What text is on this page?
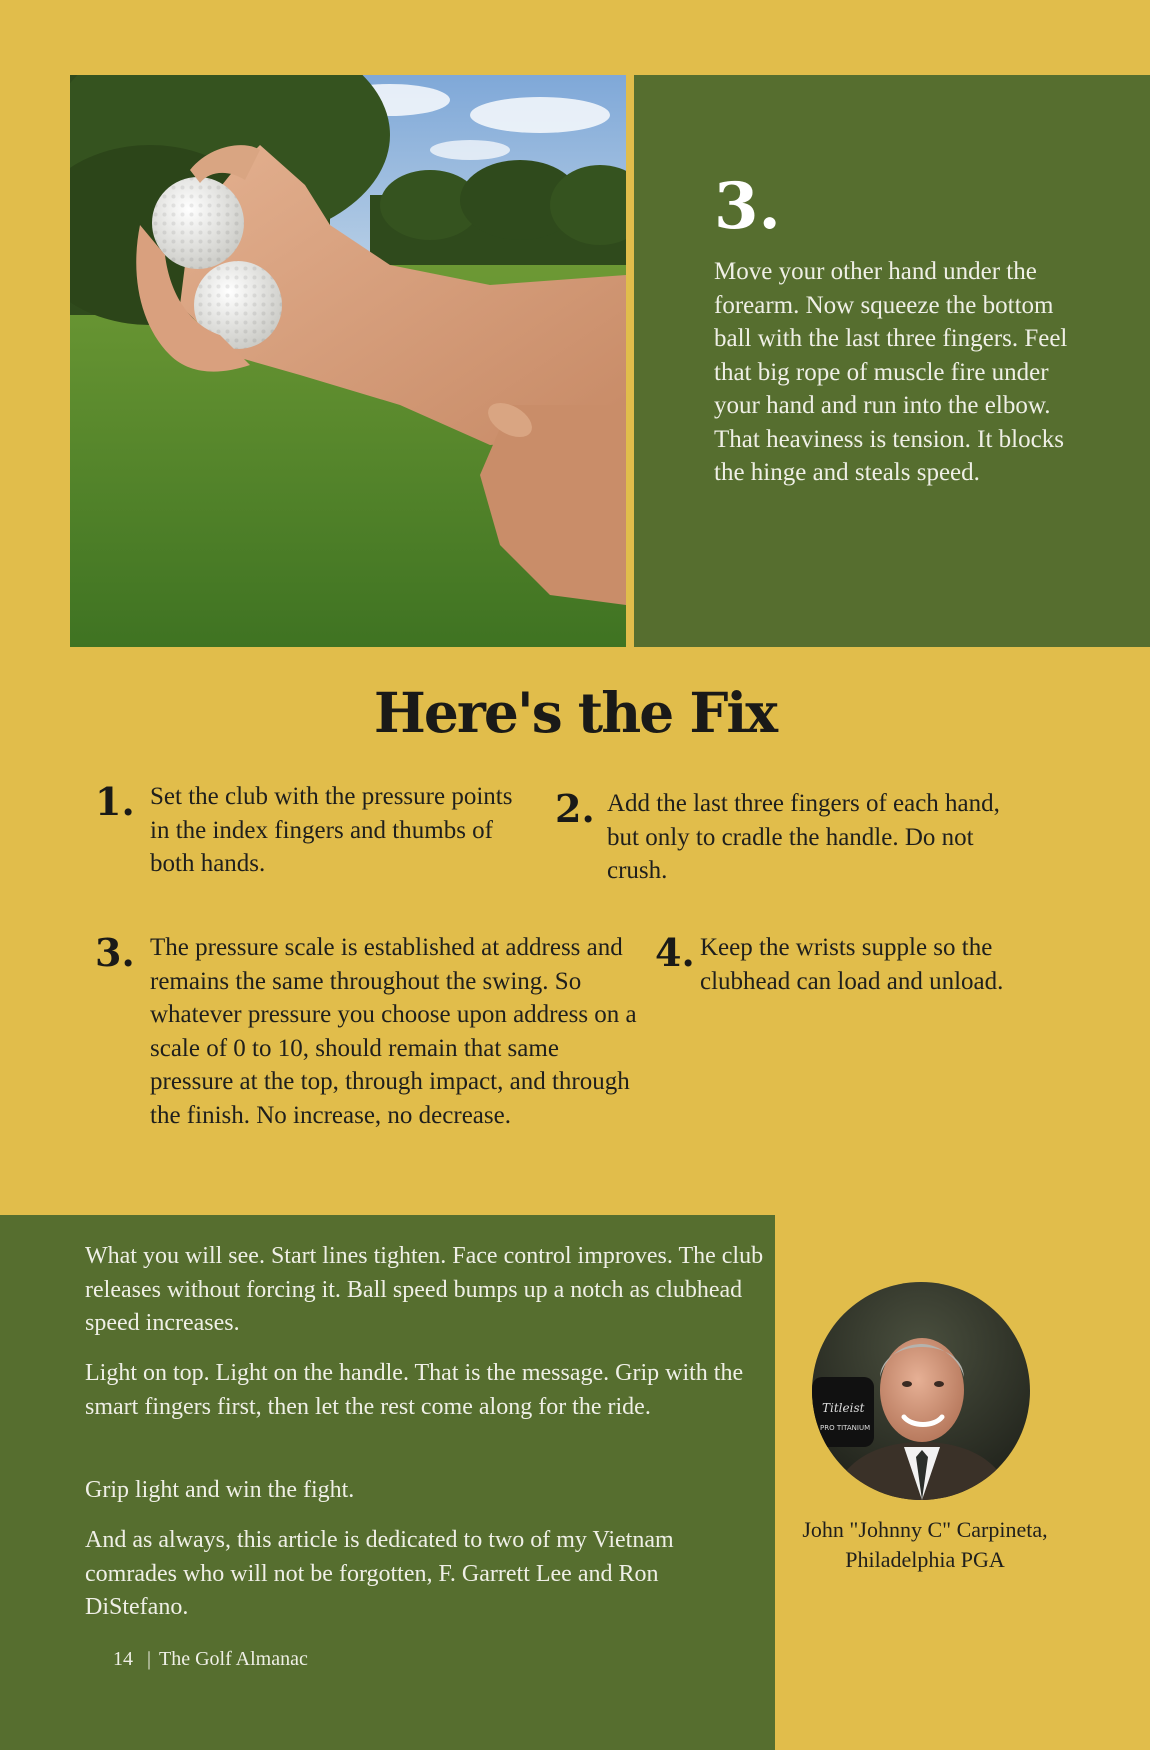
3.

Move your other hand under the forearm. Now squeeze the bottom ball with the last three fingers. Feel that big rope of muscle fire under your hand and run into the elbow. That heaviness is tension. It blocks the hinge and steals speed.

Here's the Fix
1. Set the club with the pressure points in the index fingers and thumbs of both hands.

2. Add the last three fingers of each hand, but only to cradle the handle. Do not crush.

3. The pressure scale is established at address and remains the same throughout the swing. So whatever pressure you choose upon address on a scale of 0 to 10, should remain that same pressure at the top, through impact, and through the finish. No increase, no decrease.

4. Keep the wrists supple so the clubhead can load and unload.

What you will see. Start lines tighten. Face control improves. The club releases without forcing it. Ball speed bumps up a notch as clubhead speed increases.

Light on top. Light on the handle. That is the message. Grip with the smart fingers first, then let the rest come along for the ride.

Grip light and win the fight.

And as always, this article is dedicated to two of my Vietnam comrades who will not be forgotten, F. Garrett Lee and Ron DiStefano.

14 | The Golf Almanac

Titleist
PRO TITANIUM

John "Johnny C" Carpineta,
Philadelphia PGA
